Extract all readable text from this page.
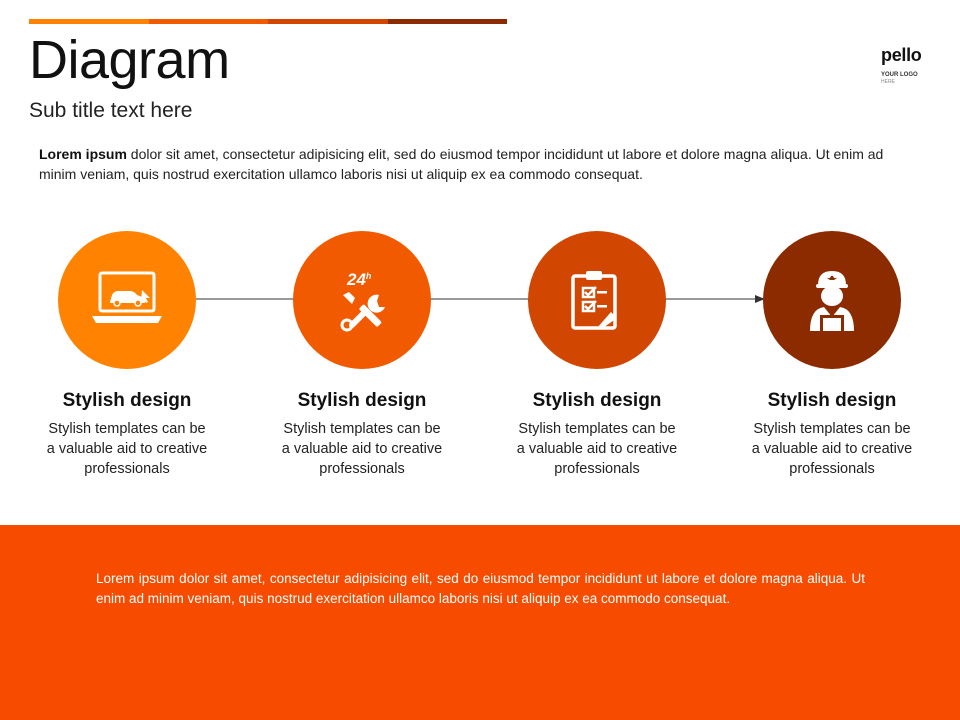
Diagram
Sub title text here
pello
YOUR LOGO
HERE
Lorem ipsum dolor sit amet, consectetur adipisicing elit, sed do eiusmod tempor incididunt ut labore et dolore magna aliqua. Ut enim ad minim veniam, quis nostrud exercitation ullamco laboris nisi ut aliquip ex ea commodo consequat.
Stylish design
Stylish templates can be a valuable aid to creative professionals
24$^h$
Stylish design
Stylish templates can be a valuable aid to creative professionals
Stylish design
Stylish templates can be a valuable aid to creative professionals
Stylish design
Stylish templates can be a valuable aid to creative professionals
Lorem ipsum dolor sit amet, consectetur adipisicing elit, sed do eiusmod tempor incididunt ut labore et dolore magna aliqua. Ut enim ad minim veniam, quis nostrud exercitation ullamco laboris nisi ut aliquip ex ea commodo consequat.
